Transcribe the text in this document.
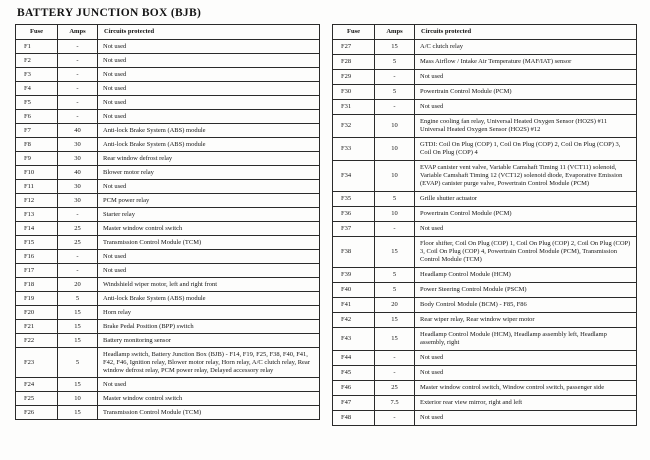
BATTERY JUNCTION BOX (BJB)
Fuse	Amps	Circuits protected
F1	-	Not used
F2	-	Not used
F3	-	Not used
F4	-	Not used
F5	-	Not used
F6	-	Not used
F7	40	Anti-lock Brake System (ABS) module
F8	30	Anti-lock Brake System (ABS) module
F9	30	Rear window defrost relay
F10	40	Blower motor relay
F11	30	Not used
F12	30	PCM power relay
F13	-	Starter relay
F14	25	Master window control switch
F15	25	Transmission Control Module (TCM)
F16	-	Not used
F17	-	Not used
F18	20	Windshield wiper motor, left and right front
F19	5	Anti-lock Brake System (ABS) module
F20	15	Horn relay
F21	15	Brake Pedal Position (BPP) switch
F22	15	Battery monitoring sensor
F23	5	Headlamp switch, Battery Junction Box (BJB) - F14, F19, F25, F38, F40, F41, F42, F46, Ignition relay, Blower motor relay, Horn relay, A/C clutch relay, Rear window defrost relay, PCM power relay, Delayed accessory relay
F24	15	Not used
F25	10	Master window control switch
F26	15	Transmission Control Module (TCM)
Fuse	Amps	Circuits protected
F27	15	A/C clutch relay
F28	5	Mass Airflow / Intake Air Temperature (MAF/IAT) sensor
F29	-	Not used
F30	5	Powertrain Control Module (PCM)
F31	-	Not used
F32	10	Engine cooling fan relay, Universal Heated Oxygen Sensor (HO2S) #11 Universal Heated Oxygen Sensor (HO2S) #12
F33	10	GTDI: Coil On Plug (COP) 1, Coil On Plug (COP) 2, Coil On Plug (COP) 3, Coil On Plug (COP) 4
F34	10	EVAP canister vent valve, Variable Camshaft Timing 11 (VCT11) solenoid, Variable Camshaft Timing 12 (VCT12) solenoid diode, Evaporative Emission (EVAP) canister purge valve, Powertrain Control Module (PCM)
F35	5	Grille shutter actuator
F36	10	Powertrain Control Module (PCM)
F37	-	Not used
F38	15	Floor shifter, Coil On Plug (COP) 1, Coil On Plug (COP) 2, Coil On Plug (COP) 3, Coil On Plug (COP) 4, Powertrain Control Module (PCM), Transmission Control Module (TCM)
F39	5	Headlamp Control Module (HCM)
F40	5	Power Steering Control Module (PSCM)
F41	20	Body Control Module (BCM) - F85, F86
F42	15	Rear wiper relay, Rear window wiper motor
F43	15	Headlamp Control Module (HCM), Headlamp assembly left, Headlamp assembly, right
F44	-	Not used
F45	-	Not used
F46	25	Master window control switch, Window control switch, passenger side
F47	7.5	Exterior rear view mirror, right and left
F48	-	Not used
